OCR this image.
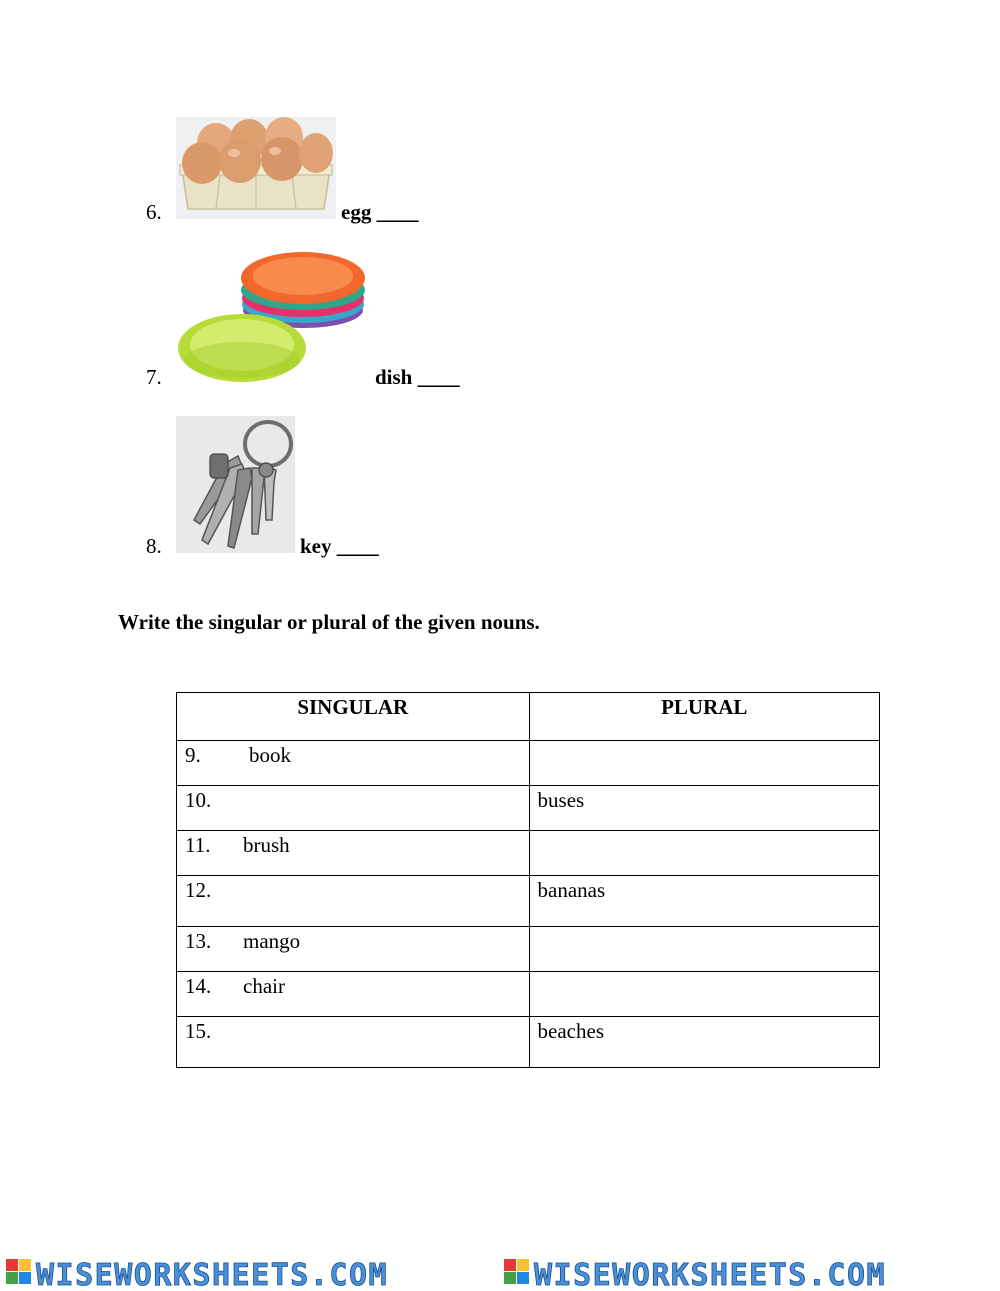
6.	egg ____
7.	dish ____
8.	key ____
Write the singular or plural of the given nouns.
SINGULAR	PLURAL

9. book	

10.	buses

11. brush	

12.	bananas

13. mango	

14. chair	

15.	beaches
WISEWORKSHEETS.COM	WISEWORKSHEETS.COM
